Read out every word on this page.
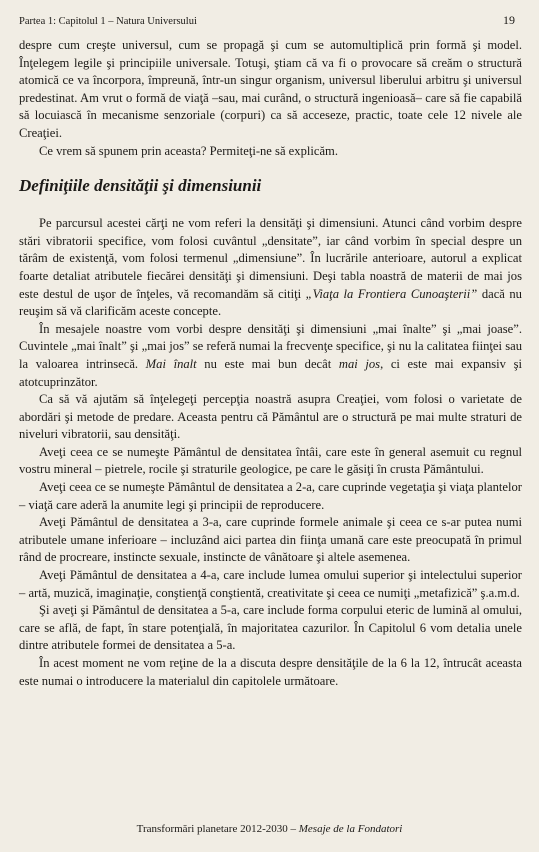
Partea 1: Capitolul 1 – Natura Universului	19

despre cum creşte universul, cum se propagă şi cum se automultiplică prin formă şi model. Înţelegem legile şi principiile universale. Totuşi, ştiam că va fi o provocare să creăm o structură atomică ce va încorpora, împreună, într-un singur organism, universul liberului arbitru şi universul predestinat. Am vrut o formă de viaţă –sau, mai curând, o structură ingenioasă– care să fie capabilă să locuiască în mecanisme senzoriale (corpuri) ca să acceseze, practic, toate cele 12 nivele ale Creaţiei.

Ce vrem să spunem prin aceasta? Permiteţi-ne să explicăm.

Definiţiile densităţii şi dimensiunii

Pe parcursul acestei cărţi ne vom referi la densităţi şi dimensiuni. Atunci când vorbim despre stări vibratorii specifice, vom folosi cuvântul „densitate”, iar când vorbim în special despre un tărâm de existenţă, vom folosi termenul „dimensiune”. În lucrările anterioare, autorul a explicat foarte detaliat atributele fiecărei densităţi şi dimensiuni. Deşi tabla noastră de materii de mai jos este destul de uşor de înţeles, vă recomandăm să citiţi „Viaţa la Frontiera Cunoaşterii” dacă nu reuşim să vă clarificăm aceste concepte.

În mesajele noastre vom vorbi despre densităţi şi dimensiuni „mai înalte” şi „mai joase”. Cuvintele „mai înalt” şi „mai jos” se referă numai la frecvenţe specifice, şi nu la calitatea fiinţei sau la valoarea intrinsecă. Mai înalt nu este mai bun decât mai jos, ci este mai expansiv şi atotcuprinzător.

Ca să vă ajutăm să înţelegeţi percepţia noastră asupra Creaţiei, vom folosi o varietate de abordări şi metode de predare. Aceasta pentru că Pământul are o structură pe mai multe straturi de niveluri vibratorii, sau densităţi.

Aveţi ceea ce se numeşte Pământul de densitatea întâi, care este în general asemuit cu regnul vostru mineral – pietrele, rocile şi straturile geologice, pe care le găsiţi în crusta Pământului.

Aveţi ceea ce se numeşte Pământul de densitatea a 2-a, care cuprinde vegetaţia şi viaţa plantelor – viaţă care aderă la anumite legi şi principii de reproducere.

Aveţi Pământul de densitatea a 3-a, care cuprinde formele animale şi ceea ce s-ar putea numi atributele umane inferioare – incluzând aici partea din fiinţa umană care este preocupată în primul rând de procreare, instincte sexuale, instincte de vânătoare şi altele asemenea.

Aveţi Pământul de densitatea a 4-a, care include lumea omului superior şi intelectului superior – artă, muzică, imaginaţie, conştienţă conştientă, creativitate şi ceea ce numiţi „metafizică” ş.a.m.d.

Şi aveţi şi Pământul de densitatea a 5-a, care include forma corpului eteric de lumină al omului, care se află, de fapt, în stare potenţială, în majoritatea cazurilor. În Capitolul 6 vom detalia unele dintre atributele formei de densitatea a 5-a.

În acest moment ne vom reţine de la a discuta despre densităţile de la 6 la 12, întrucât aceasta este numai o introducere la materialul din capitolele următoare.

Transformări planetare 2012-2030 – Mesaje de la Fondatori
